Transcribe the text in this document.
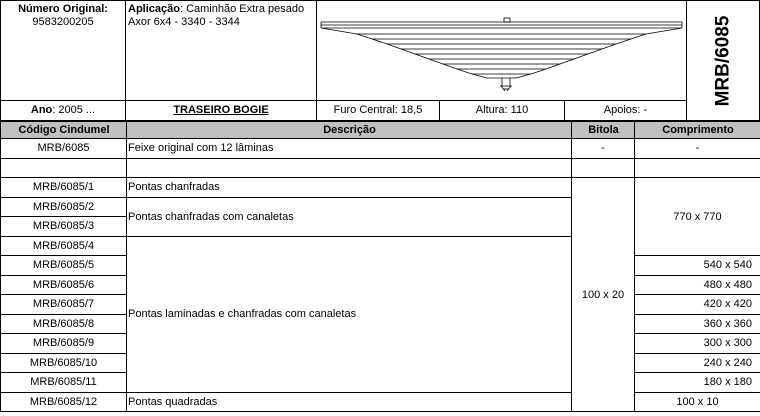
Número Original:
9583200205
Aplicação: Caminhão Extra pesado Axor 6x4 - 3340 - 3344	MRB/6085
Ano : 2005 ...	TRASEIRO BOGIE	Furo Central: 18,5	Altura: 110	Apoios: -
Código Cindumel	Descrição	Bitola	Comprimento	
MRB/6085	Feixe original com 12 lâminas	-	-	

MRB/6085/1	Pontas chanfradas	100 x 20	770 x 770	
MRB/6085/2	Pontas chanfradas com canaletas			
MRB/6085/3				
MRB/6085/4	Pontas laminadas e chanfradas com canaletas			
MRB/6085/5			540 x 540	
MRB/6085/6			480 x 480	
MRB/6085/7			420 x 420	
MRB/6085/8			360 x 360	
MRB/6085/9			300 x 300	
MRB/6085/10			240 x 240	
MRB/6085/11			180 x 180	
MRB/6085/12	Pontas quadradas		100 x 10	
